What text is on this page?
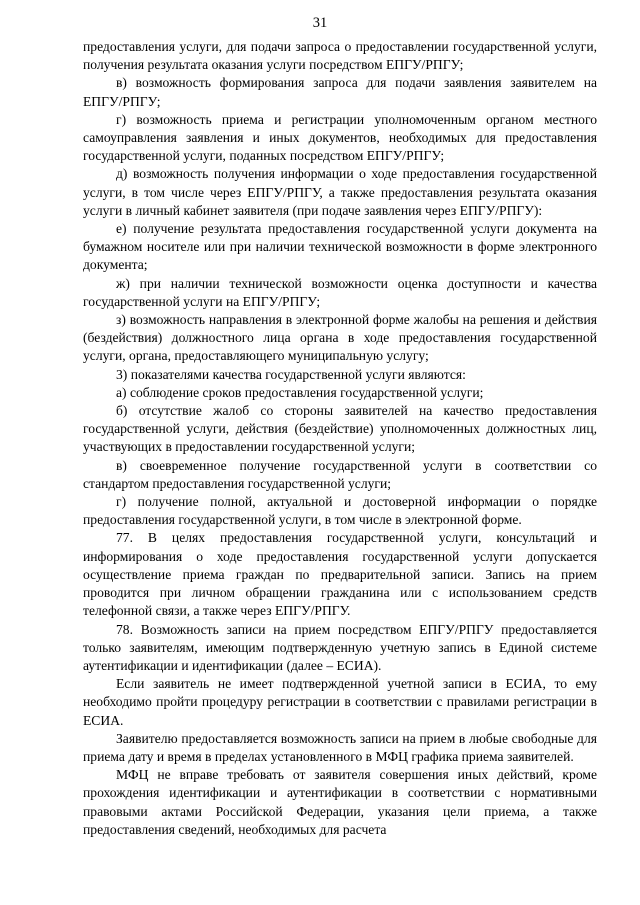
31

предоставления услуги, для подачи запроса о предоставлении государственной услуги, получения результата оказания услуги посредством ЕПГУ/РПГУ;

в) возможность формирования запроса для подачи заявления заявителем на ЕПГУ/РПГУ;

г) возможность приема и регистрации уполномоченным органом местного самоуправления заявления и иных документов, необходимых для предоставления государственной услуги, поданных посредством ЕПГУ/РПГУ;

д) возможность получения информации о ходе предоставления государственной услуги, в том числе через ЕПГУ/РПГУ, а также предоставления результата оказания услуги в личный кабинет заявителя (при подаче заявления через ЕПГУ/РПГУ):

е) получение результата предоставления государственной услуги документа на бумажном носителе или при наличии технической возможности в форме электронного документа;

ж) при наличии технической возможности оценка доступности и качества государственной услуги на ЕПГУ/РПГУ;

з) возможность направления в электронной форме жалобы на решения и действия (бездействия) должностного лица органа в ходе предоставления государственной услуги, органа, предоставляющего муниципальную услугу;

3) показателями качества государственной услуги являются:

а) соблюдение сроков предоставления государственной услуги;

б) отсутствие жалоб со стороны заявителей на качество предоставления государственной услуги, действия (бездействие) уполномоченных должностных лиц, участвующих в предоставлении государственной услуги;

в) своевременное получение государственной услуги в соответствии со стандартом предоставления государственной услуги;

г) получение полной, актуальной и достоверной информации о порядке предоставления государственной услуги, в том числе в электронной форме.

77. В целях предоставления государственной услуги, консультаций и информирования о ходе предоставления государственной услуги допускается осуществление приема граждан по предварительной записи. Запись на прием проводится при личном обращении гражданина или с использованием средств телефонной связи, а также через ЕПГУ/РПГУ.

78. Возможность записи на прием посредством ЕПГУ/РПГУ предоставляется только заявителям, имеющим подтвержденную учетную запись в Единой системе аутентификации и идентификации (далее – ЕСИА).

Если заявитель не имеет подтвержденной учетной записи в ЕСИА, то ему необходимо пройти процедуру регистрации в соответствии с правилами регистрации в ЕСИА.

Заявителю предоставляется возможность записи на прием в любые свободные для приема дату и время в пределах установленного в МФЦ графика приема заявителей.

МФЦ не вправе требовать от заявителя совершения иных действий, кроме прохождения идентификации и аутентификации в соответствии с нормативными правовыми актами Российской Федерации, указания цели приема, а также предоставления сведений, необходимых для расчета
